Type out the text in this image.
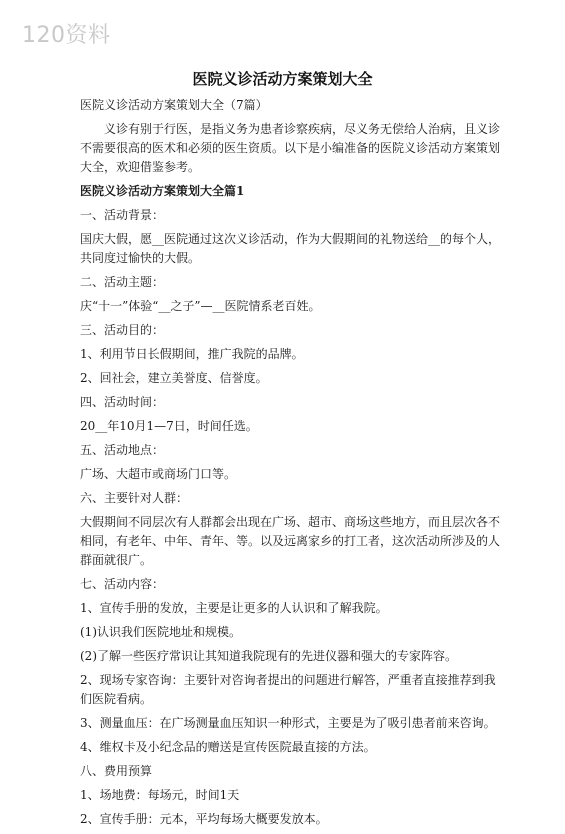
120资料
医院义诊活动方案策划大全

医院义诊活动方案策划大全（7篇）

义诊有别于行医，是指义务为患者诊察疾病，尽义务无偿给人治病，且义诊不需要很高的医术和必须的医生资质。以下是小编准备的医院义诊活动方案策划大全，欢迎借鉴参考。

医院义诊活动方案策划大全篇1

一、活动背景：

国庆大假，愿__医院通过这次义诊活动，作为大假期间的礼物送给__的每个人，共同度过愉快的大假。

二、活动主题：

庆“十一”体验“__之子”—__医院情系老百姓。

三、活动目的：

1、利用节日长假期间，推广我院的品牌。

2、回社会，建立美誉度、信誉度。

四、活动时间：

20__年10月1—7日，时间任选。

五、活动地点：

广场、大超市或商场门口等。

六、主要针对人群：

大假期间不同层次有人群都会出现在广场、超市、商场这些地方，而且层次各不相同，有老年、中年、青年、等。以及远离家乡的打工者，这次活动所涉及的人群面就很广。

七、活动内容：

1、宣传手册的发放，主要是让更多的人认识和了解我院。

(1)认识我们医院地址和规模。

(2)了解一些医疗常识让其知道我院现有的先进仪器和强大的专家阵容。

2、现场专家咨询：主要针对咨询者提出的问题进行解答，严重者直接推荐到我们医院看病。

3、测量血压：在广场测量血压知识一种形式，主要是为了吸引患者前来咨询。

4、维权卡及小纪念品的赠送是宣传医院最直接的方法。

八、费用预算

1、场地费：每场元，时间1天

2、宣传手册：元本，平均每场大概要发放本。
